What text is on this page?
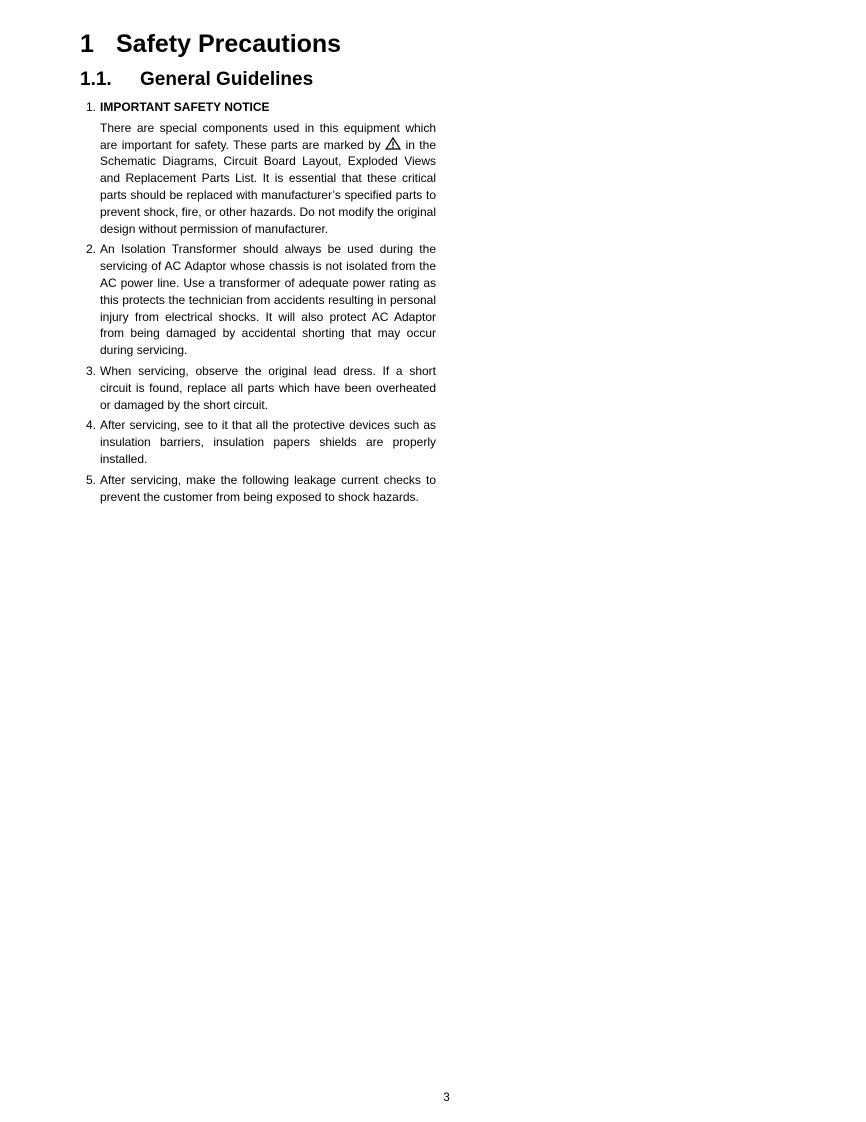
1 Safety Precautions
1.1. General Guidelines
1. IMPORTANT SAFETY NOTICE
There are special components used in this equipment which are important for safety. These parts are marked by in the Schematic Diagrams, Circuit Board Layout, Exploded Views and Replacement Parts List. It is essential that these critical parts should be replaced with manufacturer’s specified parts to prevent shock, fire, or other hazards. Do not modify the original design without permission of manufacturer.
2. An Isolation Transformer should always be used during the servicing of AC Adaptor whose chassis is not isolated from the AC power line. Use a transformer of adequate power rating as this protects the technician from accidents resulting in personal injury from electrical shocks. It will also protect AC Adaptor from being damaged by accidental shorting that may occur during servicing.
3. When servicing, observe the original lead dress. If a short circuit is found, replace all parts which have been overheated or damaged by the short circuit.
4. After servicing, see to it that all the protective devices such as insulation barriers, insulation papers shields are properly installed.
5. After servicing, make the following leakage current checks to prevent the customer from being exposed to shock hazards.
3
